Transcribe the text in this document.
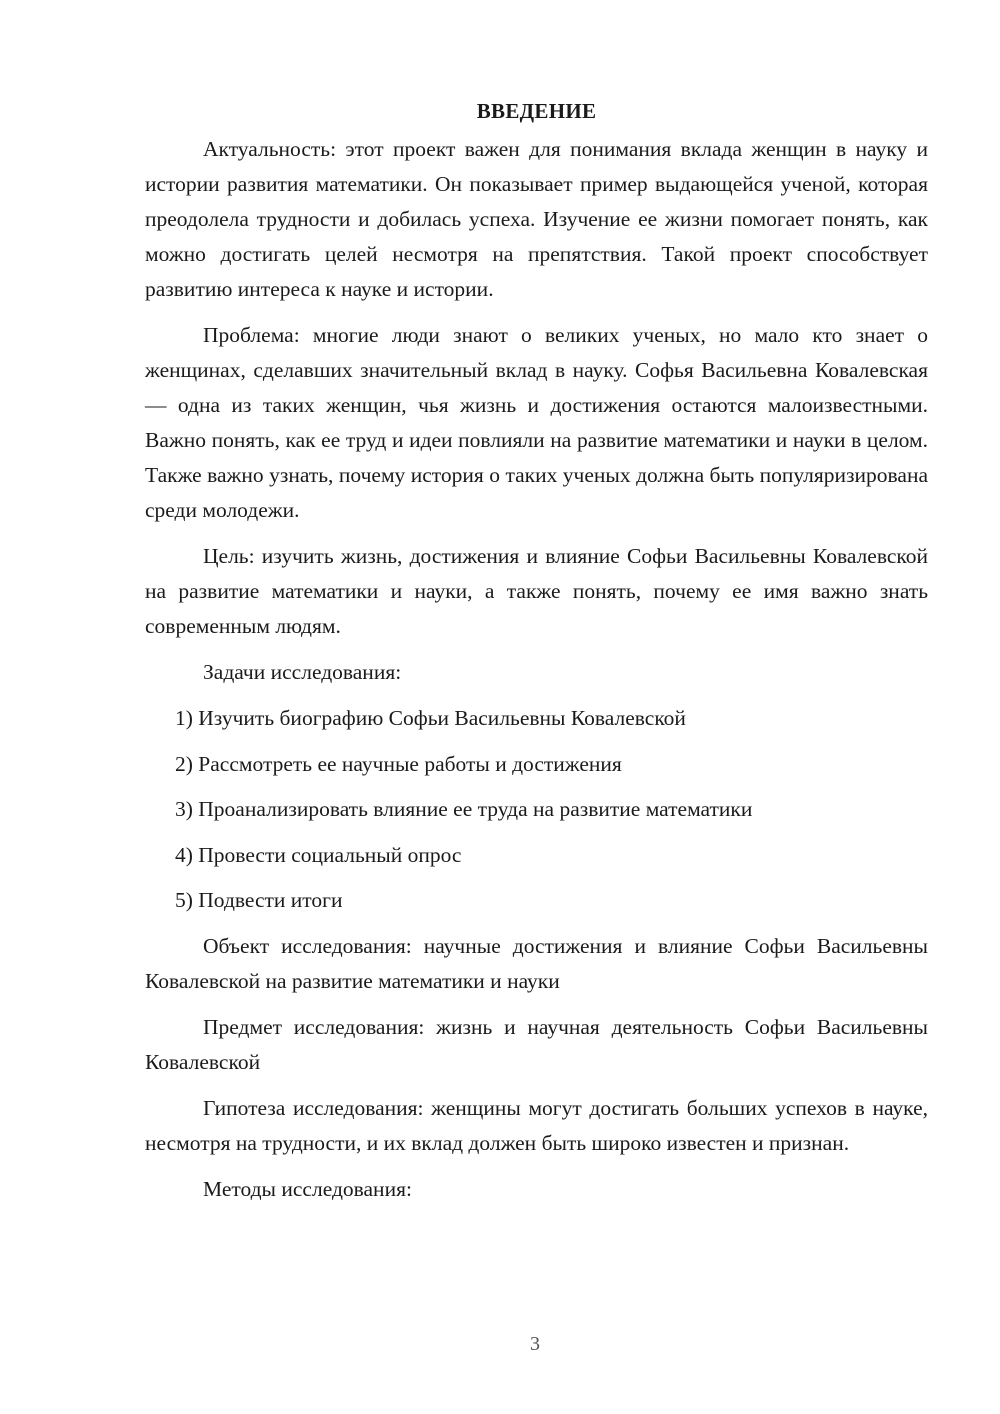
ВВЕДЕНИЕ

Актуальность: этот проект важен для понимания вклада женщин в науку и истории развития математики. Он показывает пример выдающейся ученой, которая преодолела трудности и добилась успеха. Изучение ее жизни помогает понять, как можно достигать целей несмотря на препятствия. Такой проект способствует развитию интереса к науке и истории.

Проблема: многие люди знают о великих ученых, но мало кто знает о женщинах, сделавших значительный вклад в науку. Софья Васильевна Ковалевская — одна из таких женщин, чья жизнь и достижения остаются малоизвестными. Важно понять, как ее труд и идеи повлияли на развитие математики и науки в целом. Также важно узнать, почему история о таких ученых должна быть популяризирована среди молодежи.

Цель: изучить жизнь, достижения и влияние Софьи Васильевны Ковалевской на развитие математики и науки, а также понять, почему ее имя важно знать современным людям.

Задачи исследования:

1) Изучить биографию Софьи Васильевны Ковалевской
2) Рассмотреть ее научные работы и достижения
3) Проанализировать влияние ее труда на развитие математики
4) Провести социальный опрос
5) Подвести итоги

Объект исследования: научные достижения и влияние Софьи Васильевны Ковалевской на развитие математики и науки

Предмет исследования: жизнь и научная деятельность Софьи Васильевны Ковалевской

Гипотеза исследования: женщины могут достигать больших успехов в науке, несмотря на трудности, и их вклад должен быть широко известен и признан.

Методы исследования:

3
